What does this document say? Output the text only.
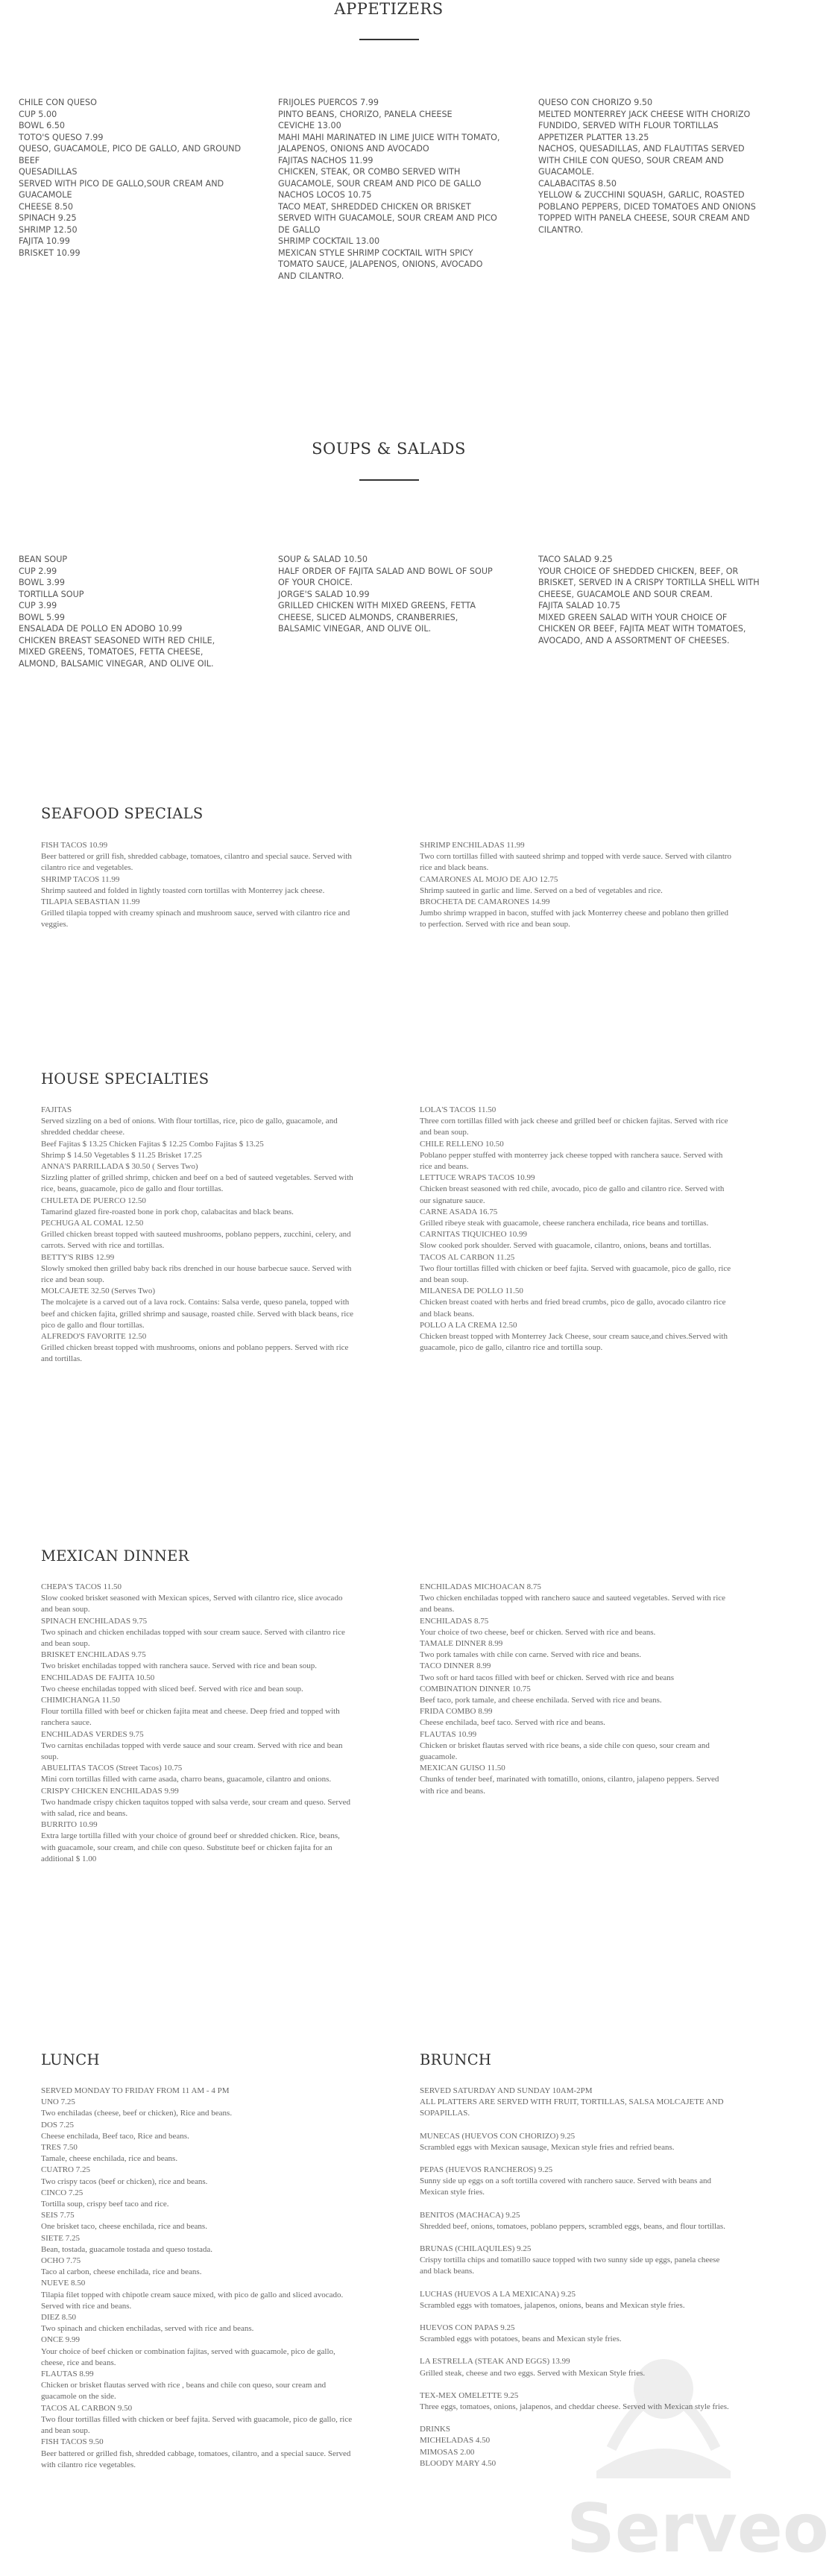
APPETIZERS
CHILE CON QUESO
CUP 5.00
BOWL 6.50
TOTO'S QUESO 7.99
QUESO, GUACAMOLE, PICO DE GALLO, AND GROUND BEEF
QUESADILLAS
SERVED WITH PICO DE GALLO,SOUR CREAM AND GUACAMOLE
CHEESE 8.50
SPINACH 9.25
SHRIMP 12.50
FAJITA 10.99
BRISKET 10.99
FRIJOLES PUERCOS 7.99
PINTO BEANS, CHORIZO, PANELA CHEESE
CEVICHE 13.00
MAHI MAHI MARINATED IN LIME JUICE WITH TOMATO, JALAPENOS, ONIONS AND AVOCADO
FAJITAS NACHOS 11.99
CHICKEN, STEAK, OR COMBO SERVED WITH GUACAMOLE, SOUR CREAM AND PICO DE GALLO
NACHOS LOCOS 10.75
TACO MEAT, SHREDDED CHICKEN OR BRISKET SERVED WITH GUACAMOLE, SOUR CREAM AND PICO DE GALLO
SHRIMP COCKTAIL 13.00
MEXICAN STYLE SHRIMP COCKTAIL WITH SPICY TOMATO SAUCE, JALAPENOS, ONIONS, AVOCADO AND CILANTRO.
QUESO CON CHORIZO 9.50
MELTED MONTERREY JACK CHEESE WITH CHORIZO FUNDIDO, SERVED WITH FLOUR TORTILLAS
APPETIZER PLATTER 13.25
NACHOS, QUESADILLAS, AND FLAUTITAS SERVED WITH CHILE CON QUESO, SOUR CREAM AND GUACAMOLE.
CALABACITAS 8.50
YELLOW & ZUCCHINI SQUASH, GARLIC, ROASTED POBLANO PEPPERS, DICED TOMATOES AND ONIONS TOPPED WITH PANELA CHEESE, SOUR CREAM AND CILANTRO.
SOUPS & SALADS
BEAN SOUP
CUP 2.99
BOWL 3.99
TORTILLA SOUP
CUP 3.99
BOWL 5.99
ENSALADA DE POLLO EN ADOBO 10.99
CHICKEN BREAST SEASONED WITH RED CHILE, MIXED GREENS, TOMATOES, FETTA CHEESE, ALMOND, BALSAMIC VINEGAR, AND OLIVE OIL.
SOUP & SALAD 10.50
HALF ORDER OF FAJITA SALAD AND BOWL OF SOUP OF YOUR CHOICE.
JORGE'S SALAD 10.99
GRILLED CHICKEN WITH MIXED GREENS, FETTA CHEESE, SLICED ALMONDS, CRANBERRIES, BALSAMIC VINEGAR, AND OLIVE OIL.
TACO SALAD 9.25
YOUR CHOICE OF SHEDDED CHICKEN, BEEF, OR BRISKET, SERVED IN A CRISPY TORTILLA SHELL WITH CHEESE, GUACAMOLE AND SOUR CREAM.
FAJITA SALAD 10.75
MIXED GREEN SALAD WITH YOUR CHOICE OF CHICKEN OR BEEF, FAJITA MEAT WITH TOMATOES, AVOCADO, AND A ASSORTMENT OF CHEESES.
SEAFOOD SPECIALS
FISH TACOS 10.99
Beer battered or grill fish, shredded cabbage, tomatoes, cilantro and special sauce. Served with cilantro rice and vegetables.
SHRIMP TACOS 11.99
Shrimp sauteed and folded in lightly toasted corn tortillas with Monterrey jack cheese.
TILAPIA SEBASTIAN 11.99
Grilled tilapia topped with creamy spinach and mushroom sauce, served with cilantro rice and veggies.
SHRIMP ENCHILADAS 11.99
Two corn tortillas filled with sauteed shrimp and topped with verde sauce. Served with cilantro rice and black beans.
CAMARONES AL MOJO DE AJO 12.75
Shrimp sauteed in garlic and lime. Served on a bed of vegetables and rice.
BROCHETA DE CAMARONES 14.99
Jumbo shrimp wrapped in bacon, stuffed with jack Monterrey cheese and poblano then grilled to perfection. Served with rice and bean soup.
HOUSE SPECIALTIES
FAJITAS
Served sizzling on a bed of onions. With flour tortillas, rice, pico de gallo, guacamole, and shredded cheddar cheese.
Beef Fajitas $ 13.25 Chicken Fajitas $ 12.25 Combo Fajitas $ 13.25
Shrimp $ 14.50 Vegetables $ 11.25 Brisket 17.25
ANNA'S PARRILLADA $ 30.50 ( Serves Two)
Sizzling platter of grilled shrimp, chicken and beef on a bed of sauteed vegetables. Served with rice, beans, guacamole, pico de gallo and flour tortillas.
CHULETA DE PUERCO 12.50
Tamarind glazed fire-roasted bone in pork chop, calabacitas and black beans.
PECHUGA AL COMAL 12.50
Grilled chicken breast topped with sauteed mushrooms, poblano peppers, zucchini, celery, and carrots. Served with rice and tortillas.
BETTY'S RIBS 12.99
Slowly smoked then grilled baby back ribs drenched in our house barbecue sauce. Served with rice and bean soup.
MOLCAJETE 32.50 (Serves Two)
The molcajete is a carved out of a lava rock. Contains: Salsa verde, queso panela, topped with beef and chicken fajita, grilled shrimp and sausage, roasted chile. Served with black beans, rice pico de gallo and flour tortillas.
ALFREDO'S FAVORITE 12.50
Grilled chicken breast topped with mushrooms, onions and poblano peppers. Served with rice and tortillas.
LOLA'S TACOS 11.50
Three corn tortillas filled with jack cheese and grilled beef or chicken fajitas. Served with rice and bean soup.
CHILE RELLENO 10.50
Poblano pepper stuffed with monterrey jack cheese topped with ranchera sauce. Served with rice and beans.
LETTUCE WRAPS TACOS 10.99
Chicken breast seasoned with red chile, avocado, pico de gallo and cilantro rice. Served with our signature sauce.
CARNE ASADA 16.75
Grilled ribeye steak with guacamole, cheese ranchera enchilada, rice beans and tortillas.
CARNITAS TIQUICHEO 10.99
Slow cooked pork shoulder. Served with guacamole, cilantro, onions, beans and tortillas.
TACOS AL CARBON 11.25
Two flour tortillas filled with chicken or beef fajita. Served with guacamole, pico de gallo, rice and bean soup.
MILANESA DE POLLO 11.50
Chicken breast coated with herbs and fried bread crumbs, pico de gallo, avocado cilantro rice and black beans.
POLLO A LA CREMA 12.50
Chicken breast topped with Monterrey Jack Cheese, sour cream sauce,and chives.Served with guacamole, pico de gallo, cilantro rice and tortilla soup.
MEXICAN DINNER
CHEPA'S TACOS 11.50
Slow cooked brisket seasoned with Mexican spices, Served with cilantro rice, slice avocado and bean soup.
SPINACH ENCHILADAS 9.75
Two spinach and chicken enchiladas topped with sour cream sauce. Served with cilantro rice and bean soup.
BRISKET ENCHILADAS 9.75
Two brisket enchiladas topped with ranchera sauce. Served with rice and bean soup.
ENCHILADAS DE FAJITA 10.50
Two cheese enchiladas topped with sliced beef. Served with rice and bean soup.
CHIMICHANGA 11.50
Flour tortilla filled with beef or chicken fajita meat and cheese. Deep fried and topped with ranchera sauce.
ENCHILADAS VERDES 9.75
Two carnitas enchiladas topped with verde sauce and sour cream. Served with rice and bean soup.
ABUELITAS TACOS (Street Tacos) 10.75
Mini corn tortillas filled with carne asada, charro beans, guacamole, cilantro and onions.
CRISPY CHICKEN ENCHILADAS 9.99
Two handmade crispy chicken taquitos topped with salsa verde, sour cream and queso. Served with salad, rice and beans.
BURRITO 10.99
Extra large tortilla filled with your choice of ground beef or shredded chicken. Rice, beans, with guacamole, sour cream, and chile con queso. Substitute beef or chicken fajita for an additional $ 1.00
ENCHILADAS MICHOACAN 8.75
Two chicken enchiladas topped with ranchero sauce and sauteed vegetables. Served with rice and beans.
ENCHILADAS 8.75
Your choice of two cheese, beef or chicken. Served with rice and beans.
TAMALE DINNER 8.99
Two pork tamales with chile con carne. Served with rice and beans.
TACO DINNER 8.99
Two soft or hard tacos filled with beef or chicken. Served with rice and beans
COMBINATION DINNER 10.75
Beef taco, pork tamale, and cheese enchilada. Served with rice and beans.
FRIDA COMBO 8.99
Cheese enchilada, beef taco. Served with rice and beans.
FLAUTAS 10.99
Chicken or brisket flautas served with rice beans, a side chile con queso, sour cream and guacamole.
MEXICAN GUISO 11.50
Chunks of tender beef, marinated with tomatillo, onions, cilantro, jalapeno peppers. Served with rice and beans.
LUNCH
SERVED MONDAY TO FRIDAY FROM 11 AM - 4 PM
UNO 7.25
Two enchiladas (cheese, beef or chicken), Rice and beans.
DOS 7.25
Cheese enchilada, Beef taco, Rice and beans.
TRES 7.50
Tamale, cheese enchilada, rice and beans.
CUATRO 7.25
Two crispy tacos (beef or chicken), rice and beans.
CINCO 7.25
Tortilla soup, crispy beef taco and rice.
SEIS 7.75
One brisket taco, cheese enchilada, rice and beans.
SIETE 7.25
Bean, tostada, guacamole tostada and queso tostada.
OCHO 7.75
Taco al carbon, cheese enchilada, rice and beans.
NUEVE 8.50
Tilapia filet topped with chipotle cream sauce mixed, with pico de gallo and sliced avocado. Served with rice and beans.
DIEZ 8.50
Two spinach and chicken enchiladas, served with rice and beans.
ONCE 9.99
Your choice of beef chicken or combination fajitas, served with guacamole, pico de gallo, cheese, rice and beans.
FLAUTAS 8.99
Chicken or brisket flautas served with rice , beans and chile con queso, sour cream and guacamole on the side.
TACOS AL CARBON 9.50
Two flour tortillas filled with chicken or beef fajita. Served with guacamole, pico de gallo, rice and bean soup.
FISH TACOS 9.50
Beer battered or grilled fish, shredded cabbage, tomatoes, cilantro, and a special sauce. Served with cilantro rice vegetables.
BRUNCH
SERVED SATURDAY AND SUNDAY 10AM-2PM
ALL PLATTERS ARE SERVED WITH FRUIT, TORTILLAS, SALSA MOLCAJETE AND SOPAPILLAS.
MUNECAS (HUEVOS CON CHORIZO) 9.25
Scrambled eggs with Mexican sausage, Mexican style fries and refried beans.
PEPAS (HUEVOS RANCHEROS) 9.25
Sunny side up eggs on a soft tortilla covered with ranchero sauce. Served with beans and Mexican style fries.
BENITOS (MACHACA) 9.25
Shredded beef, onions, tomatoes, poblano peppers, scrambled eggs, beans, and flour tortillas.
BRUNAS (CHILAQUILES) 9.25
Crispy tortilla chips and tomatillo sauce topped with two sunny side up eggs, panela cheese and black beans.
LUCHAS (HUEVOS A LA MEXICANA) 9.25
Scrambled eggs with tomatoes, jalapenos, onions, beans and Mexican style fries.
HUEVOS CON PAPAS 9.25
Scrambled eggs with potatoes, beans and Mexican style fries.
LA ESTRELLA (STEAK AND EGGS) 13.99
Grilled steak, cheese and two eggs. Served with Mexican Style fries.
TEX-MEX OMELETTE 9.25
Three eggs, tomatoes, onions, jalapenos, and cheddar cheese. Served with Mexican style fries.
DRINKS
MICHELADAS 4.50
MIMOSAS 2.00
BLOODY MARY 4.50
Serveo
